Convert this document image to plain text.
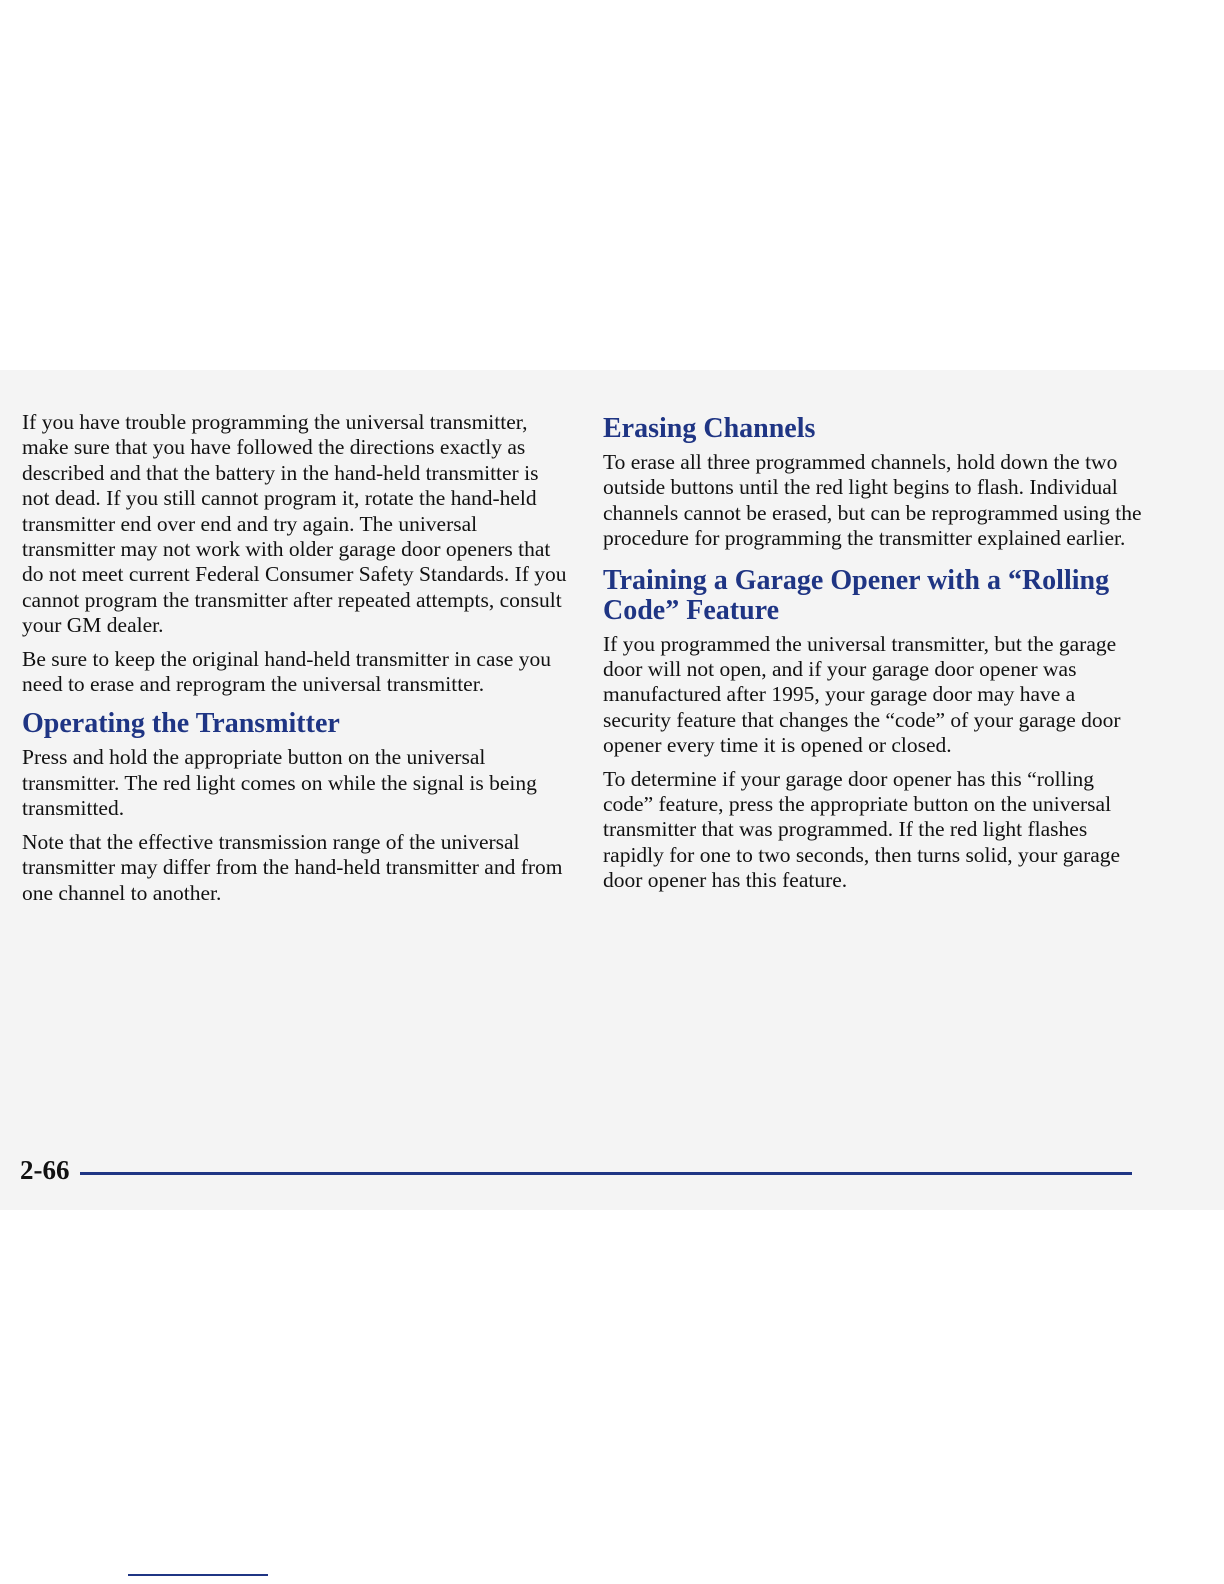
If you have trouble programming the universal transmitter, make sure that you have followed the directions exactly as described and that the battery in the hand-held transmitter is not dead. If you still cannot program it, rotate the hand-held transmitter end over end and try again. The universal transmitter may not work with older garage door openers that do not meet current Federal Consumer Safety Standards. If you cannot program the transmitter after repeated attempts, consult your GM dealer.

Be sure to keep the original hand-held transmitter in case you need to erase and reprogram the universal transmitter.

Operating the Transmitter

Press and hold the appropriate button on the universal transmitter. The red light comes on while the signal is being transmitted.

Note that the effective transmission range of the universal transmitter may differ from the hand-held transmitter and from one channel to another.

Erasing Channels

To erase all three programmed channels, hold down the two outside buttons until the red light begins to flash. Individual channels cannot be erased, but can be reprogrammed using the procedure for programming the transmitter explained earlier.

Training a Garage Opener with a “Rolling Code” Feature

If you programmed the universal transmitter, but the garage door will not open, and if your garage door opener was manufactured after 1995, your garage door may have a security feature that changes the “code” of your garage door opener every time it is opened or closed.

To determine if your garage door opener has this “rolling code” feature, press the appropriate button on the universal transmitter that was programmed. If the red light flashes rapidly for one to two seconds, then turns solid, your garage door opener has this feature.

2-66
